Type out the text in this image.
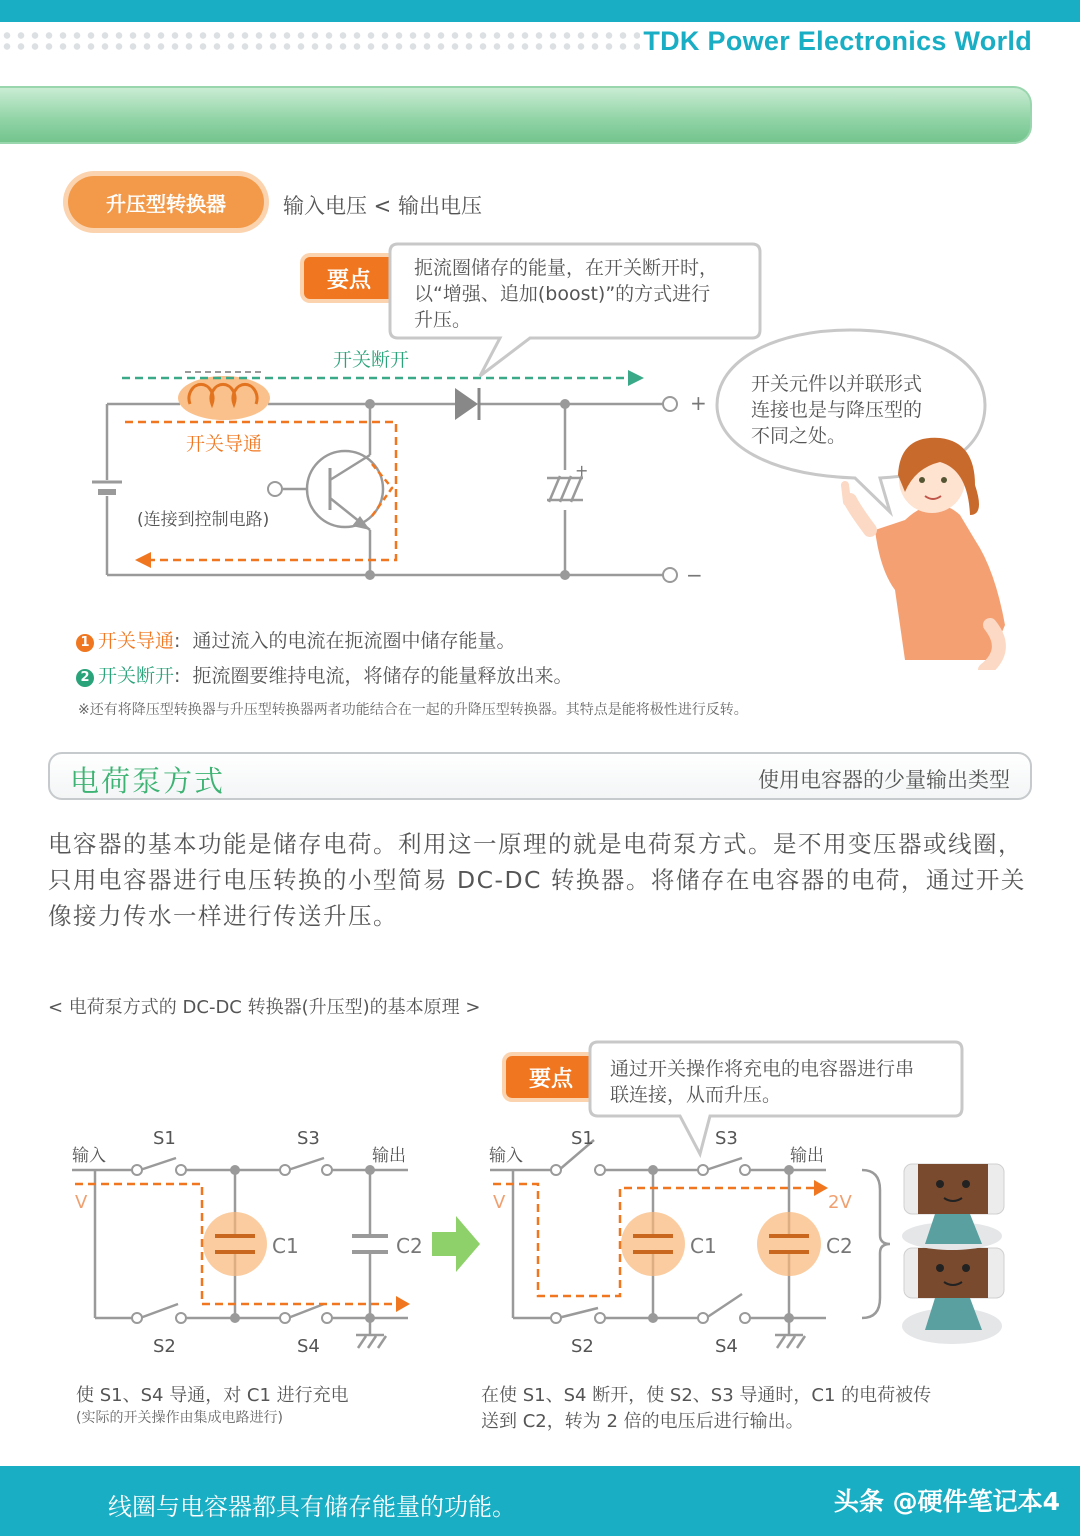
TDK Power Electronics World
升压型转换器	输入电压 < 输出电压
要点
开关断开
开关导通
(连接到控制电路)
+
−
+
扼流圈储存的能量，在开关断开时，
以“增强、追加(boost)”的方式进行
升压。
开关元件以并联形式
连接也是与降压型的
不同之处。
1 开关导通: 通过流入的电流在扼流圈中储存能量。
2 开关断开: 扼流圈要维持电流，将储存的能量释放出来。
※还有将降压型转换器与升压型转换器两者功能结合在一起的升降压型转换器。其特点是能将极性进行反转。
电荷泵方式	使用电容器的少量输出类型
电容器的基本功能是储存电荷。利用这一原理的就是电荷泵方式。是不用变压器或线圈，只用电容器进行电压转换的小型简易 DC-DC 转换器。将储存在电容器的电荷，通过开关像接力传水一样进行传送升压。
< 电荷泵方式的 DC-DC 转换器(升压型)的基本原理 >
要点	通过开关操作将充电的电容器进行串
联连接，从而升压。
输入
S1	S3
输出
V
C1	C2
S2	S4
输入
S1	S3
输出
V	2V
C1	C2
S2	S4
使 S1、S4 导通，对 C1 进行充电
(实际的开关操作由集成电路进行)
在使 S1、S4 断开，使 S2、S3 导通时，C1 的电荷被传
送到 C2，转为 2 倍的电压后进行输出。
线圈与电容器都具有储存能量的功能。	头条 @硬件笔记本4
